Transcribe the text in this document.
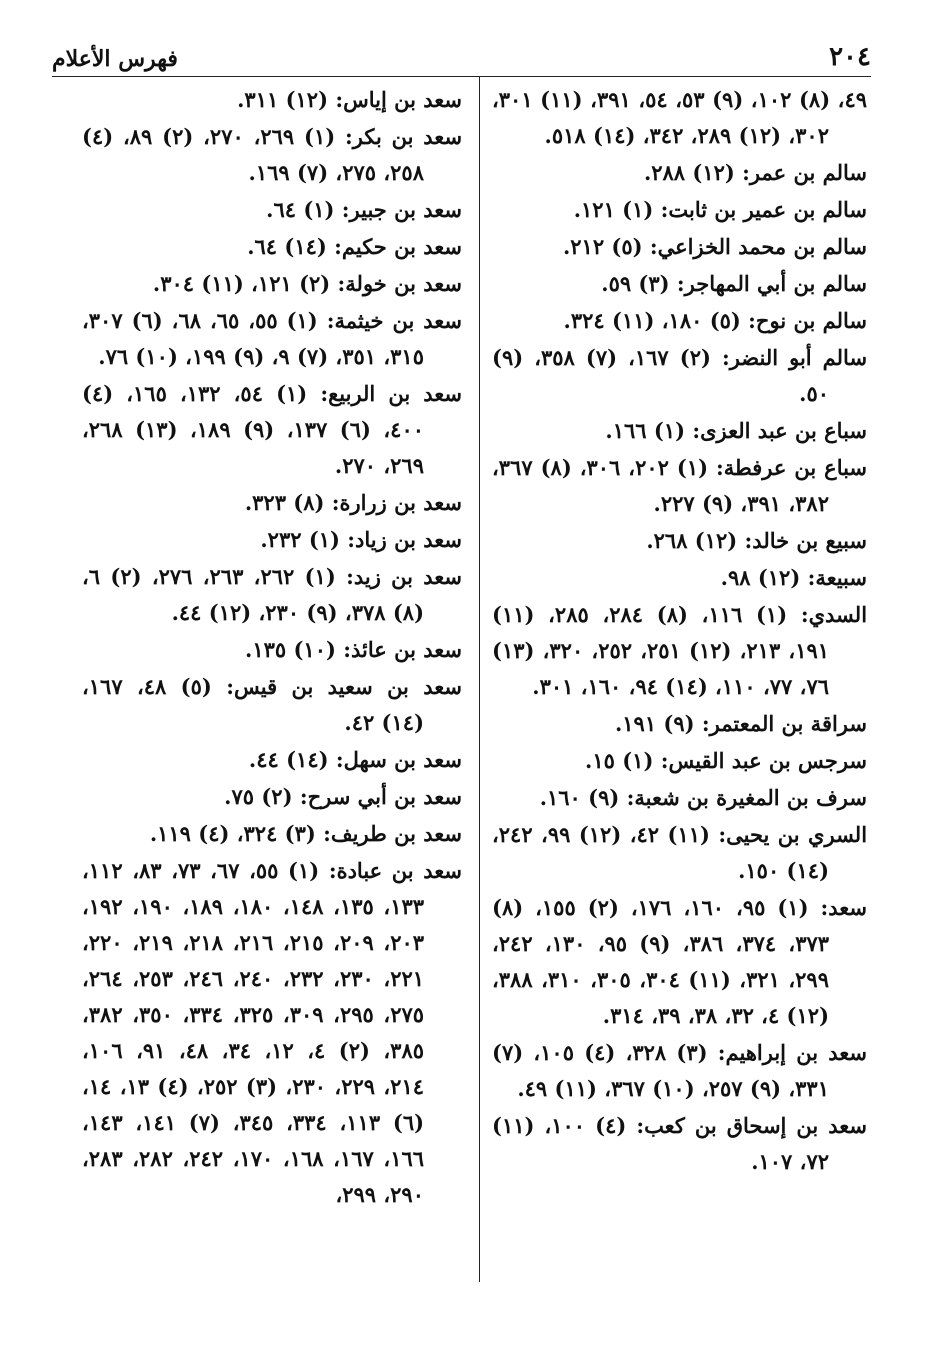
٢٠٤
فهرس الأعلام

٤٩، (٨) ١٠٢، (٩) ٥٣، ٥٤، ٣٩١، (١١) ٣٠١، ٣٠٢، (١٢) ٢٨٩، ٣٤٢، (١٤) ٥١٨.

سالم بن عمر: (١٢) ٢٨٨.

سالم بن عمير بن ثابت: (١) ١٢١.

سالم بن محمد الخزاعي: (٥) ٢١٢.

سالم بن أبي المهاجر: (٣) ٥٩.

سالم بن نوح: (٥) ١٨٠، (١١) ٣٢٤.

سالم أبو النضر: (٢) ١٦٧، (٧) ٣٥٨، (٩) ٥٠.

سباع بن عبد العزى: (١) ١٦٦.

سباع بن عرفطة: (١) ٢٠٢، ٣٠٦، (٨) ٣٦٧، ٣٨٢، ٣٩١، (٩) ٢٢٧.

سبيع بن خالد: (١٢) ٢٦٨.

سبيعة: (١٢) ٩٨.

السدي: (١) ١١٦، (٨) ٢٨٤، ٢٨٥، (١١) ١٩١، ٢١٣، (١٢) ٢٥١، ٢٥٢، ٣٢٠، (١٣) ٧٦، ٧٧، ١١٠، (١٤) ٩٤، ١٦٠، ٣٠١.

سراقة بن المعتمر: (٩) ١٩١.

سرجس بن عبد القيس: (١) ١٥.

سرف بن المغيرة بن شعبة: (٩) ١٦٠.

السري بن يحيى: (١١) ٤٢، (١٢) ٩٩، ٢٤٢، (١٤) ١٥٠.

سعد: (١) ٩٥، ١٦٠، ١٧٦، (٢) ١٥٥، (٨) ٣٧٣، ٣٧٤، ٣٨٦، (٩) ٩٥، ١٣٠، ٢٤٢، ٢٩٩، ٣٢١، (١١) ٣٠٤، ٣٠٥، ٣١٠، ٣٨٨، (١٢) ٤، ٣٢، ٣٨، ٣٩، ٣١٤.

سعد بن إبراهيم: (٣) ٣٢٨، (٤) ١٠٥، (٧) ٣٣١، (٩) ٢٥٧، (١٠) ٣٦٧، (١١) ٤٩.

سعد بن إسحاق بن كعب: (٤) ١٠٠، (١١) ٧٢، ١٠٧.

سعد بن إياس: (١٢) ٣١١.

سعد بن بكر: (١) ٢٦٩، ٢٧٠، (٢) ٨٩، (٤) ٢٥٨، ٢٧٥، (٧) ١٦٩.

سعد بن جبير: (١) ٦٤.

سعد بن حكيم: (١٤) ٦٤.

سعد بن خولة: (٢) ١٢١، (١١) ٣٠٤.

سعد بن خيثمة: (١) ٥٥، ٦٥، ٦٨، (٦) ٣٠٧، ٣١٥، ٣٥١، (٧) ٩، (٩) ١٩٩، (١٠) ٧٦.

سعد بن الربيع: (١) ٥٤، ١٣٢، ١٦٥، (٤) ٤٠٠، (٦) ١٣٧، (٩) ١٨٩، (١٣) ٢٦٨، ٢٦٩، ٢٧٠.

سعد بن زرارة: (٨) ٣٢٣.

سعد بن زياد: (١) ٢٣٢.

سعد بن زيد: (١) ٢٦٢، ٢٦٣، ٢٧٦، (٢) ٦، (٨) ٣٧٨، (٩) ٢٣٠، (١٢) ٤٤.

سعد بن عائذ: (١٠) ١٣٥.

سعد بن سعيد بن قيس: (٥) ٤٨، ١٦٧، (١٤) ٤٢.

سعد بن سهل: (١٤) ٤٤.

سعد بن أبي سرح: (٢) ٧٥.

سعد بن طريف: (٣) ٣٢٤، (٤) ١١٩.

سعد بن عبادة: (١) ٥٥، ٦٧، ٧٣، ٨٣، ١١٢، ١٣٣، ١٣٥، ١٤٨، ١٨٠، ١٨٩، ١٩٠، ١٩٢، ٢٠٣، ٢٠٩، ٢١٥، ٢١٦، ٢١٨، ٢١٩، ٢٢٠، ٢٢١، ٢٣٠، ٢٣٢، ٢٤٠، ٢٤٦، ٢٥٣، ٢٦٤، ٢٧٥، ٢٩٥، ٣٠٩، ٣٢٥، ٣٣٤، ٣٥٠، ٣٨٢، ٣٨٥، (٢) ٤، ١٢، ٣٤، ٤٨، ٩١، ١٠٦، ٢١٤، ٢٢٩، ٢٣٠، (٣) ٢٥٢، (٤) ١٣، ١٤، (٦) ١١٣، ٣٣٤، ٣٤٥، (٧) ١٤١، ١٤٣، ١٦٦، ١٦٧، ١٦٨، ١٧٠، ٢٤٢، ٢٨٢، ٢٨٣، ٢٩٠، ٢٩٩،
